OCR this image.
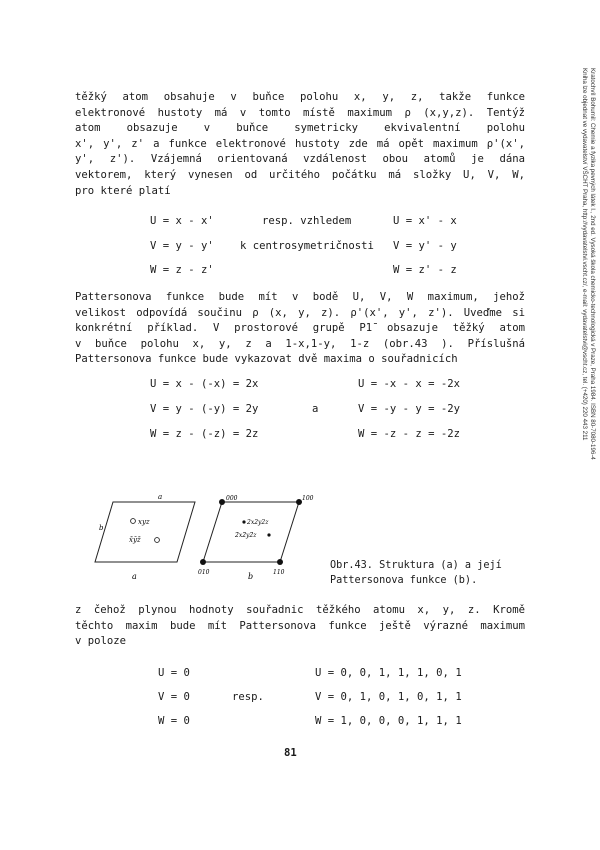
Kratochvíl Bohumil: Chemie a fyzika pevných látek I., 2nd ed. Vysoká škola chemicko-technologická v Praze, Praha 1984. ISBN 80-7080-196-4
Kniha lze objednat ve vydavatelství VŠCHT Praha, http://vydavatelstvi.vscht.cz/, e-mail: vydavatelstvi@vscht.cz, tel. (+420) 220 443 211
těžký atom obsahuje v buňce polohu x, y, z, takže funkce
elektronové hustoty má v tomto místě maximum ρ (x,y,z). Tentýž
atom obsazuje v buňce symetricky ekvivalentní polohu
x', y', z' a funkce elektronové hustoty zde má opět maximum ρ'(x',
y', z'). Vzájemná orientovaná vzdálenost obou atomů je dána
vektorem, který vynesen od určitého počátku má složky U, V, W,
pro které platí
U = x - x'
V = y - y'
W = z - z'
resp. vzhledem
k centrosymetričnosti
U = x' - x
V = y' - y
W = z' - z
Pattersonova funkce bude mít v bodě U, V, W maximum, jehož
velikost odpovídá součinu ρ (x, y, z). ρ'(x', y', z'). Uveďme si
konkrétní příklad. V prostorové grupě P1̄ obsazuje těžký atom
v buňce polohu x, y, z a 1-x,1-y, 1-z (obr.43 ). Příslušná
Pattersonova funkce bude vykazovat dvě maxima o souřadnicích
U = x - (-x) = 2x
V = y - (-y) = 2y
W = z - (-z) = 2z
a
U = -x - x = -2x
V = -y - y = -2y
W = -z - z = -2z
a
b
xyz
x̄ȳz̄
a
000	100
010	110
2x2y2z
2̄x2̄y2̄z
b
Obr.43. Struktura (a) a její
Pattersonova funkce (b).
z čehož plynou hodnoty souřadnic těžkého atomu x, y, z. Kromě
těchto maxim bude mít Pattersonova funkce ještě výrazné maximum
v poloze
U = 0
V = 0
W = 0
resp.
U = 0, 0, 1, 1, 1, 0, 1
V = 0, 1, 0, 1, 0, 1, 1
W = 1, 0, 0, 0, 1, 1, 1
81
